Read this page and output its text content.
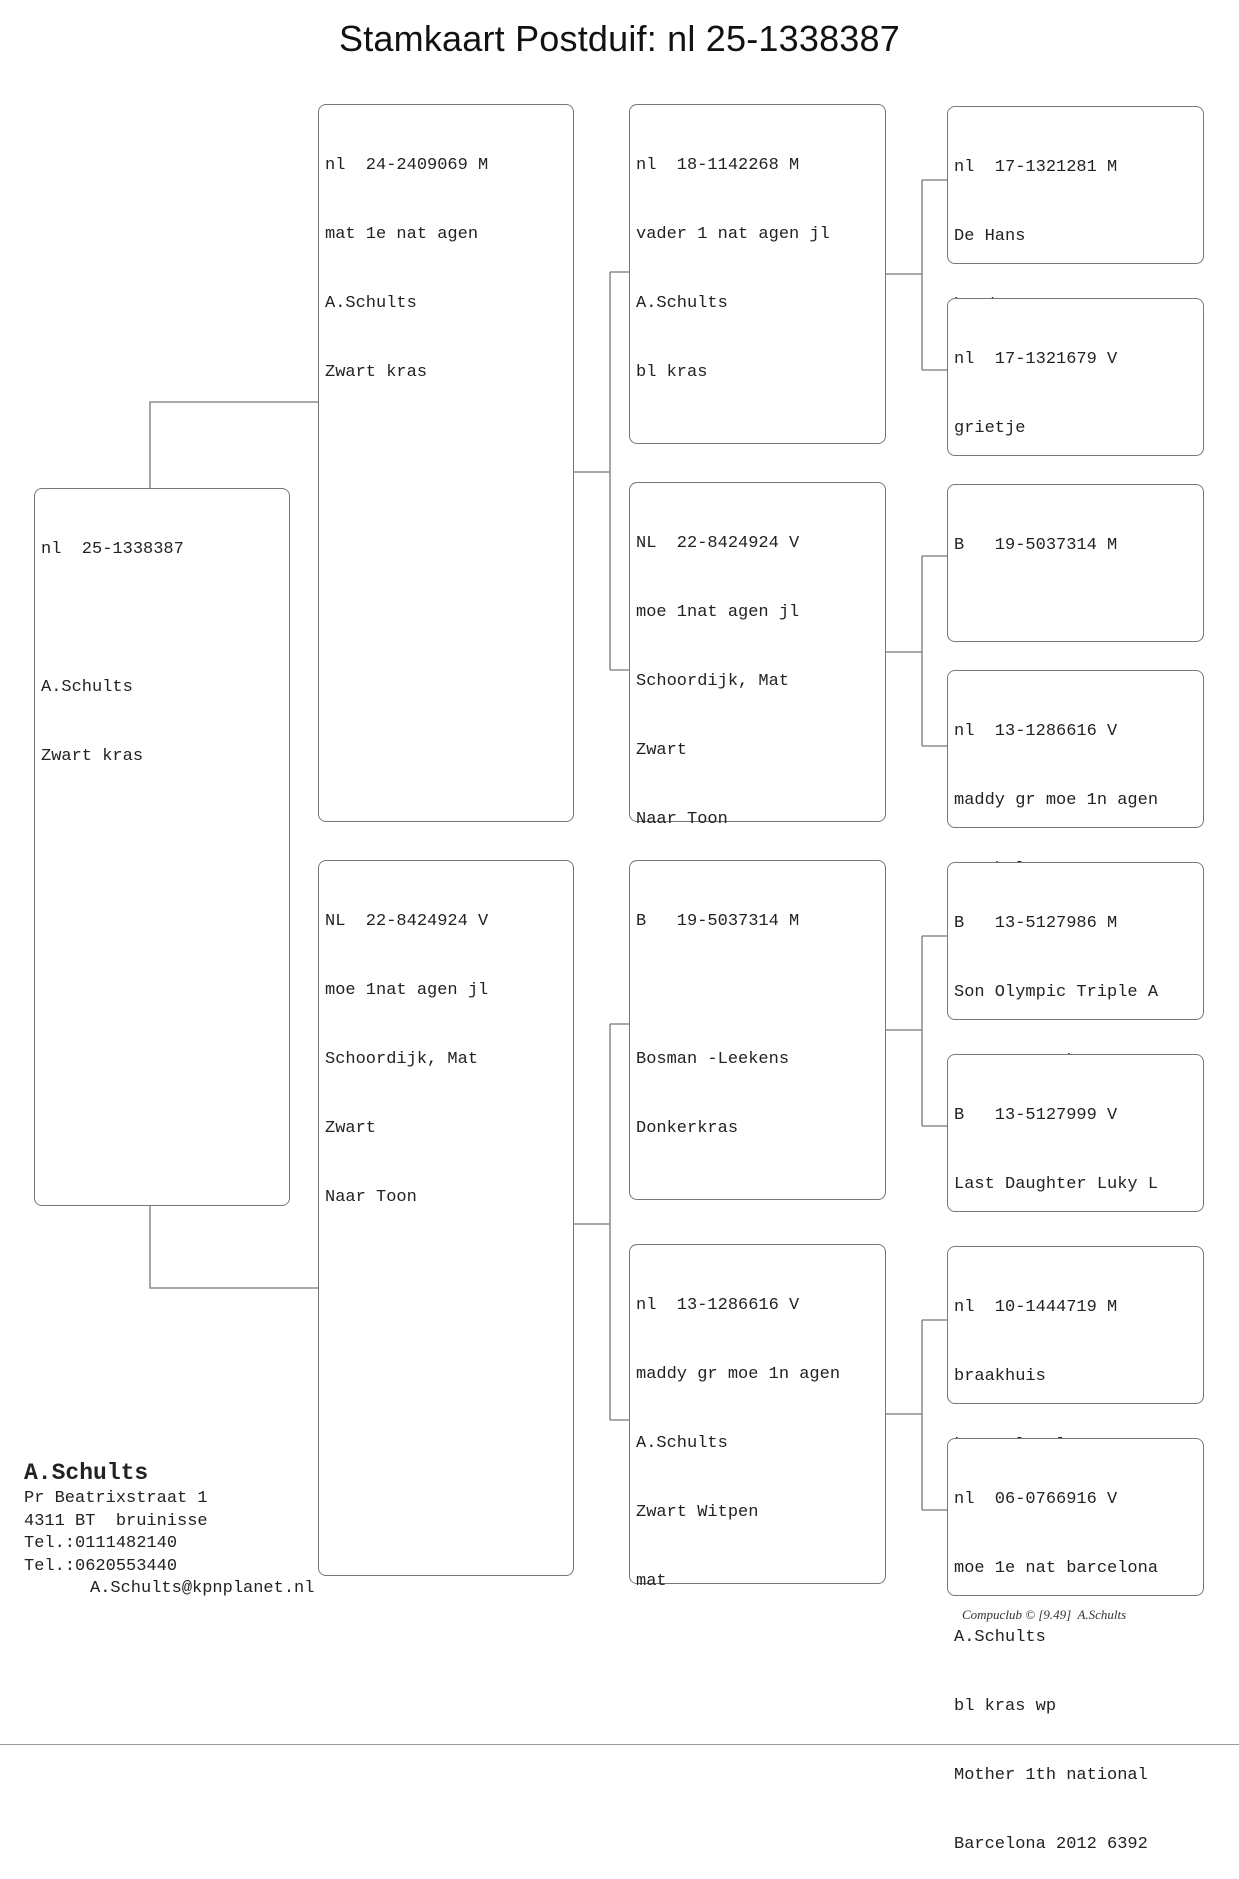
Stamkaart Postduif: nl 25-1338387

nl  25-1338387

A.Schults

Zwart kras

nl  24-2409069 M

mat 1e nat agen

A.Schults

Zwart kras

NL  22-8424924 V

moe 1nat agen jl

Schoordijk, Mat

Zwart

Naar Toon

nl  18-1142268 M

vader 1 nat agen jl

A.Schults

bl kras

NL  22-8424924 V

moe 1nat agen jl

Schoordijk, Mat

Zwart

Naar Toon

B   19-5037314 M

Bosman -Leekens

Donkerkras

nl  13-1286616 V

maddy gr moe 1n agen

A.Schults

Zwart Witpen

mat

nl  17-1321281 M

De Hans

nl  17-1321679 V

grietje

B   19-5037314 M

nl  13-1286616 V

maddy gr moe 1n agen

B   13-5127986 M

Son Olympic Triple A

B   13-5127999 V

Last Daughter Luky L

nl  10-1444719 M

braakhuis

nl  06-0766916 V

moe 1e nat barcelona

A.Schults

bl kras wp

Mother 1th national

Barcelona 2012 6392

A.Schults
Pr Beatrixstraat 1
4311 BT  bruinisse
Tel.:0111482140
Tel.:0620553440
A.Schults@kpnplanet.nl
Compuclub © [9.49]  A.Schults
